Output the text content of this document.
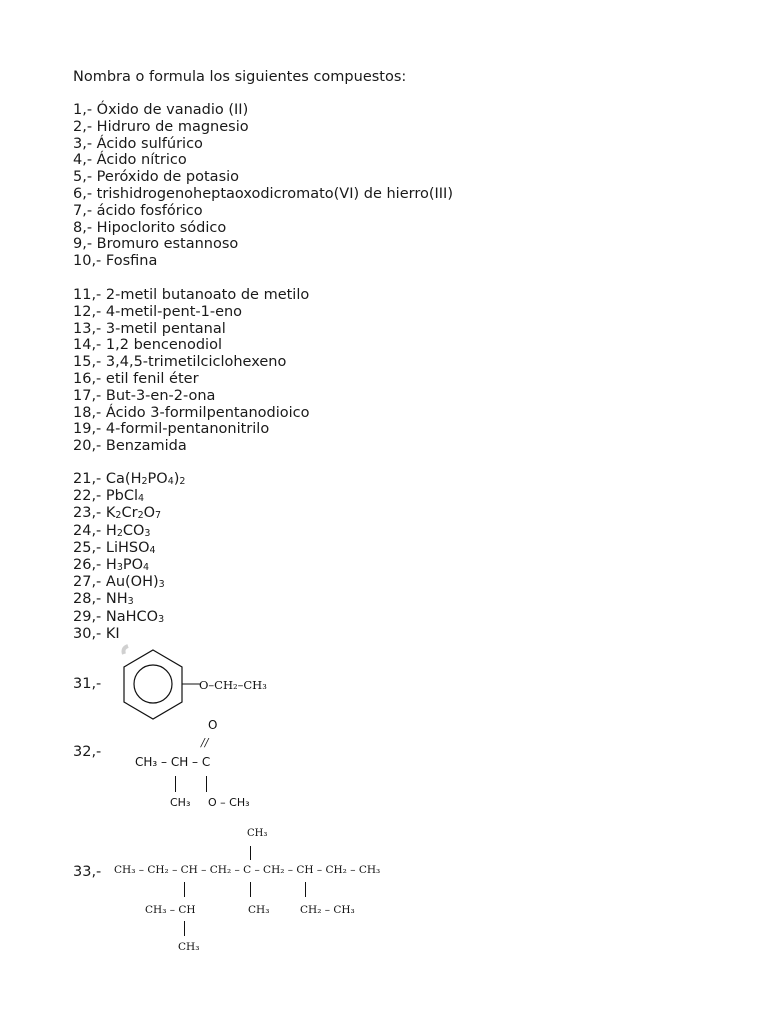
Nombra o formula los siguientes compuestos:
1,- Óxido de vanadio (II)
2,- Hidruro de magnesio
3,- Ácido sulfúrico
4,- Ácido nítrico
5,- Peróxido de potasio
6,- trishidrogenoheptaoxodicromato(VI) de hierro(III)
7,- ácido fosfórico
8,- Hipoclorito sódico
9,- Bromuro estannoso
10,- Fosfina
11,- 2-metil butanoato de metilo
12,- 4-metil-pent-1-eno
13,- 3-metil pentanal
14,- 1,2 bencenodiol
15,- 3,4,5-trimetilciclohexeno
16,- etil fenil éter
17,- But-3-en-2-ona
18,- Ácido 3-formilpentanodioico
19,- 4-formil-pentanonitrilo
20,- Benzamida
21,- $Ca(H_2PO_4)_2$
22,- PbCl$_4$
23,- $K_2Cr_2O_7$
24,- $H_2CO_3$
25,- LiHSO$_4$
26,- $H_3PO_4$
27,- $Au(OH)_3$
28,- $NH_3$
29,- NaHCO$_3$
30,- KI
31,-	O–CH₂–CH₃
32,-
O
//
CH₃ – CH – C
CH₃ O – CH₃
33,-
CH₃
CH₃ – CH₂ – CH – CH₂ – C – CH₂ – CH – CH₂ – CH₃
CH₃ – CH	CH₃	CH₂ – CH₃
CH₃
